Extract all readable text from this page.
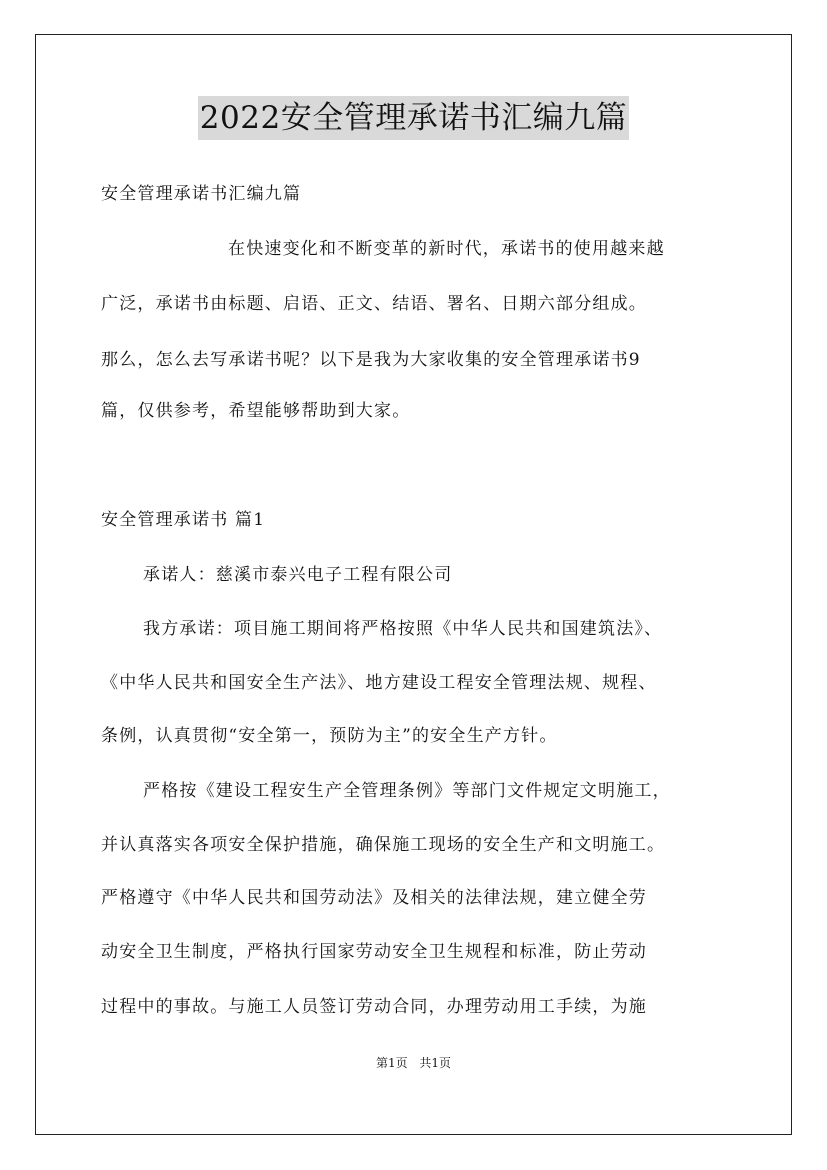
2022安全管理承诺书汇编九篇
安全管理承诺书汇编九篇
在快速变化和不断变革的新时代，承诺书的使用越来越
广泛，承诺书由标题、启语、正文、结语、署名、日期六部分组成。
那么，怎么去写承诺书呢？以下是我为大家收集的安全管理承诺书9
篇，仅供参考，希望能够帮助到大家。
安全管理承诺书 篇1
承诺人：慈溪市泰兴电子工程有限公司
我方承诺：项目施工期间将严格按照《中华人民共和国建筑法》、
《中华人民共和国安全生产法》、地方建设工程安全管理法规、规程、
条例，认真贯彻“安全第一，预防为主”的安全生产方针。
严格按《建设工程安生产全管理条例》等部门文件规定文明施工，
并认真落实各项安全保护措施，确保施工现场的安全生产和文明施工。
严格遵守《中华人民共和国劳动法》及相关的法律法规，建立健全劳
动安全卫生制度，严格执行国家劳动安全卫生规程和标准，防止劳动
过程中的事故。与施工人员签订劳动合同，办理劳动用工手续，为施
第1页 共1页
